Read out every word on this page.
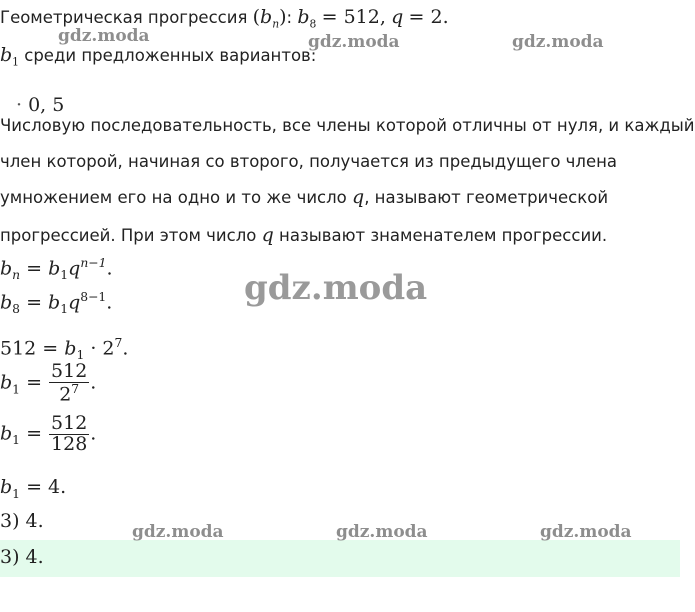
Геометрическая прогрессия $(b_n)$: $b_8 = 512$, q = 2.
$b_1$ среди предложенных вариантов:
· 0, 5
Числовую последовательность, все члены которой отличны от нуля, и каждый
член которой, начиная со второго, получается из предыдущего члена
умножением его на одно и то же число q, называют геометрической
прогрессией. При этом число q называют знаменателем прогрессии.
$b_n = b_1q^{n-1}$.
$b_8 = b_1q^{8-1}$.
$512 = b_1 \cdot 2^7$.
$b_1 = \frac{512}{2^7}$ .
$b_1 = \frac{512}{128}$ .
$b_1 = 4$.
3) 4.
3) 4.
gdz.moda	gdz.moda	gdz.moda
gdz.moda
gdz.moda	gdz.moda	gdz.moda
